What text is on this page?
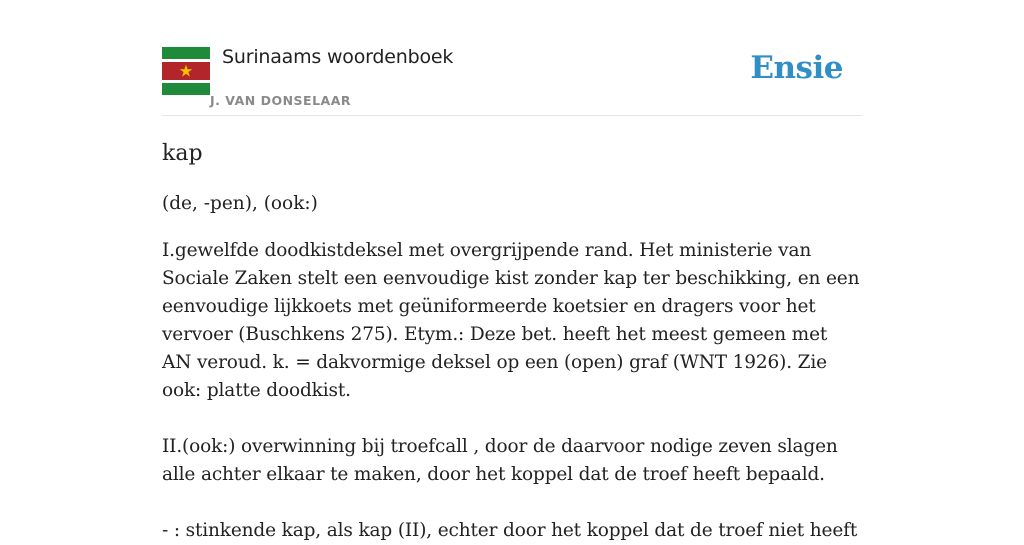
Surinaams woordenboek
J. VAN DONSELAAR
Ensie
kap

(de, -pen), (ook:)

I.gewelfde doodkistdeksel met overgrijpende rand. Het ministerie van Sociale Zaken stelt een eenvoudige kist zonder kap ter beschikking, en een eenvoudige lijkkoets met geüniformeerde koetsier en dragers voor het vervoer (Buschkens 275). Etym.: Deze bet. heeft het meest gemeen met AN veroud. k. = dakvormige deksel op een (open) graf (WNT 1926). Zie ook: platte doodkist.

II.(ook:) overwinning bij troefcall , door de daarvoor nodige zeven slagen alle achter elkaar te maken, door het koppel dat de troef heeft bepaald.

- : stinkende kap, als kap (II), echter door het koppel dat de troef niet heeft
